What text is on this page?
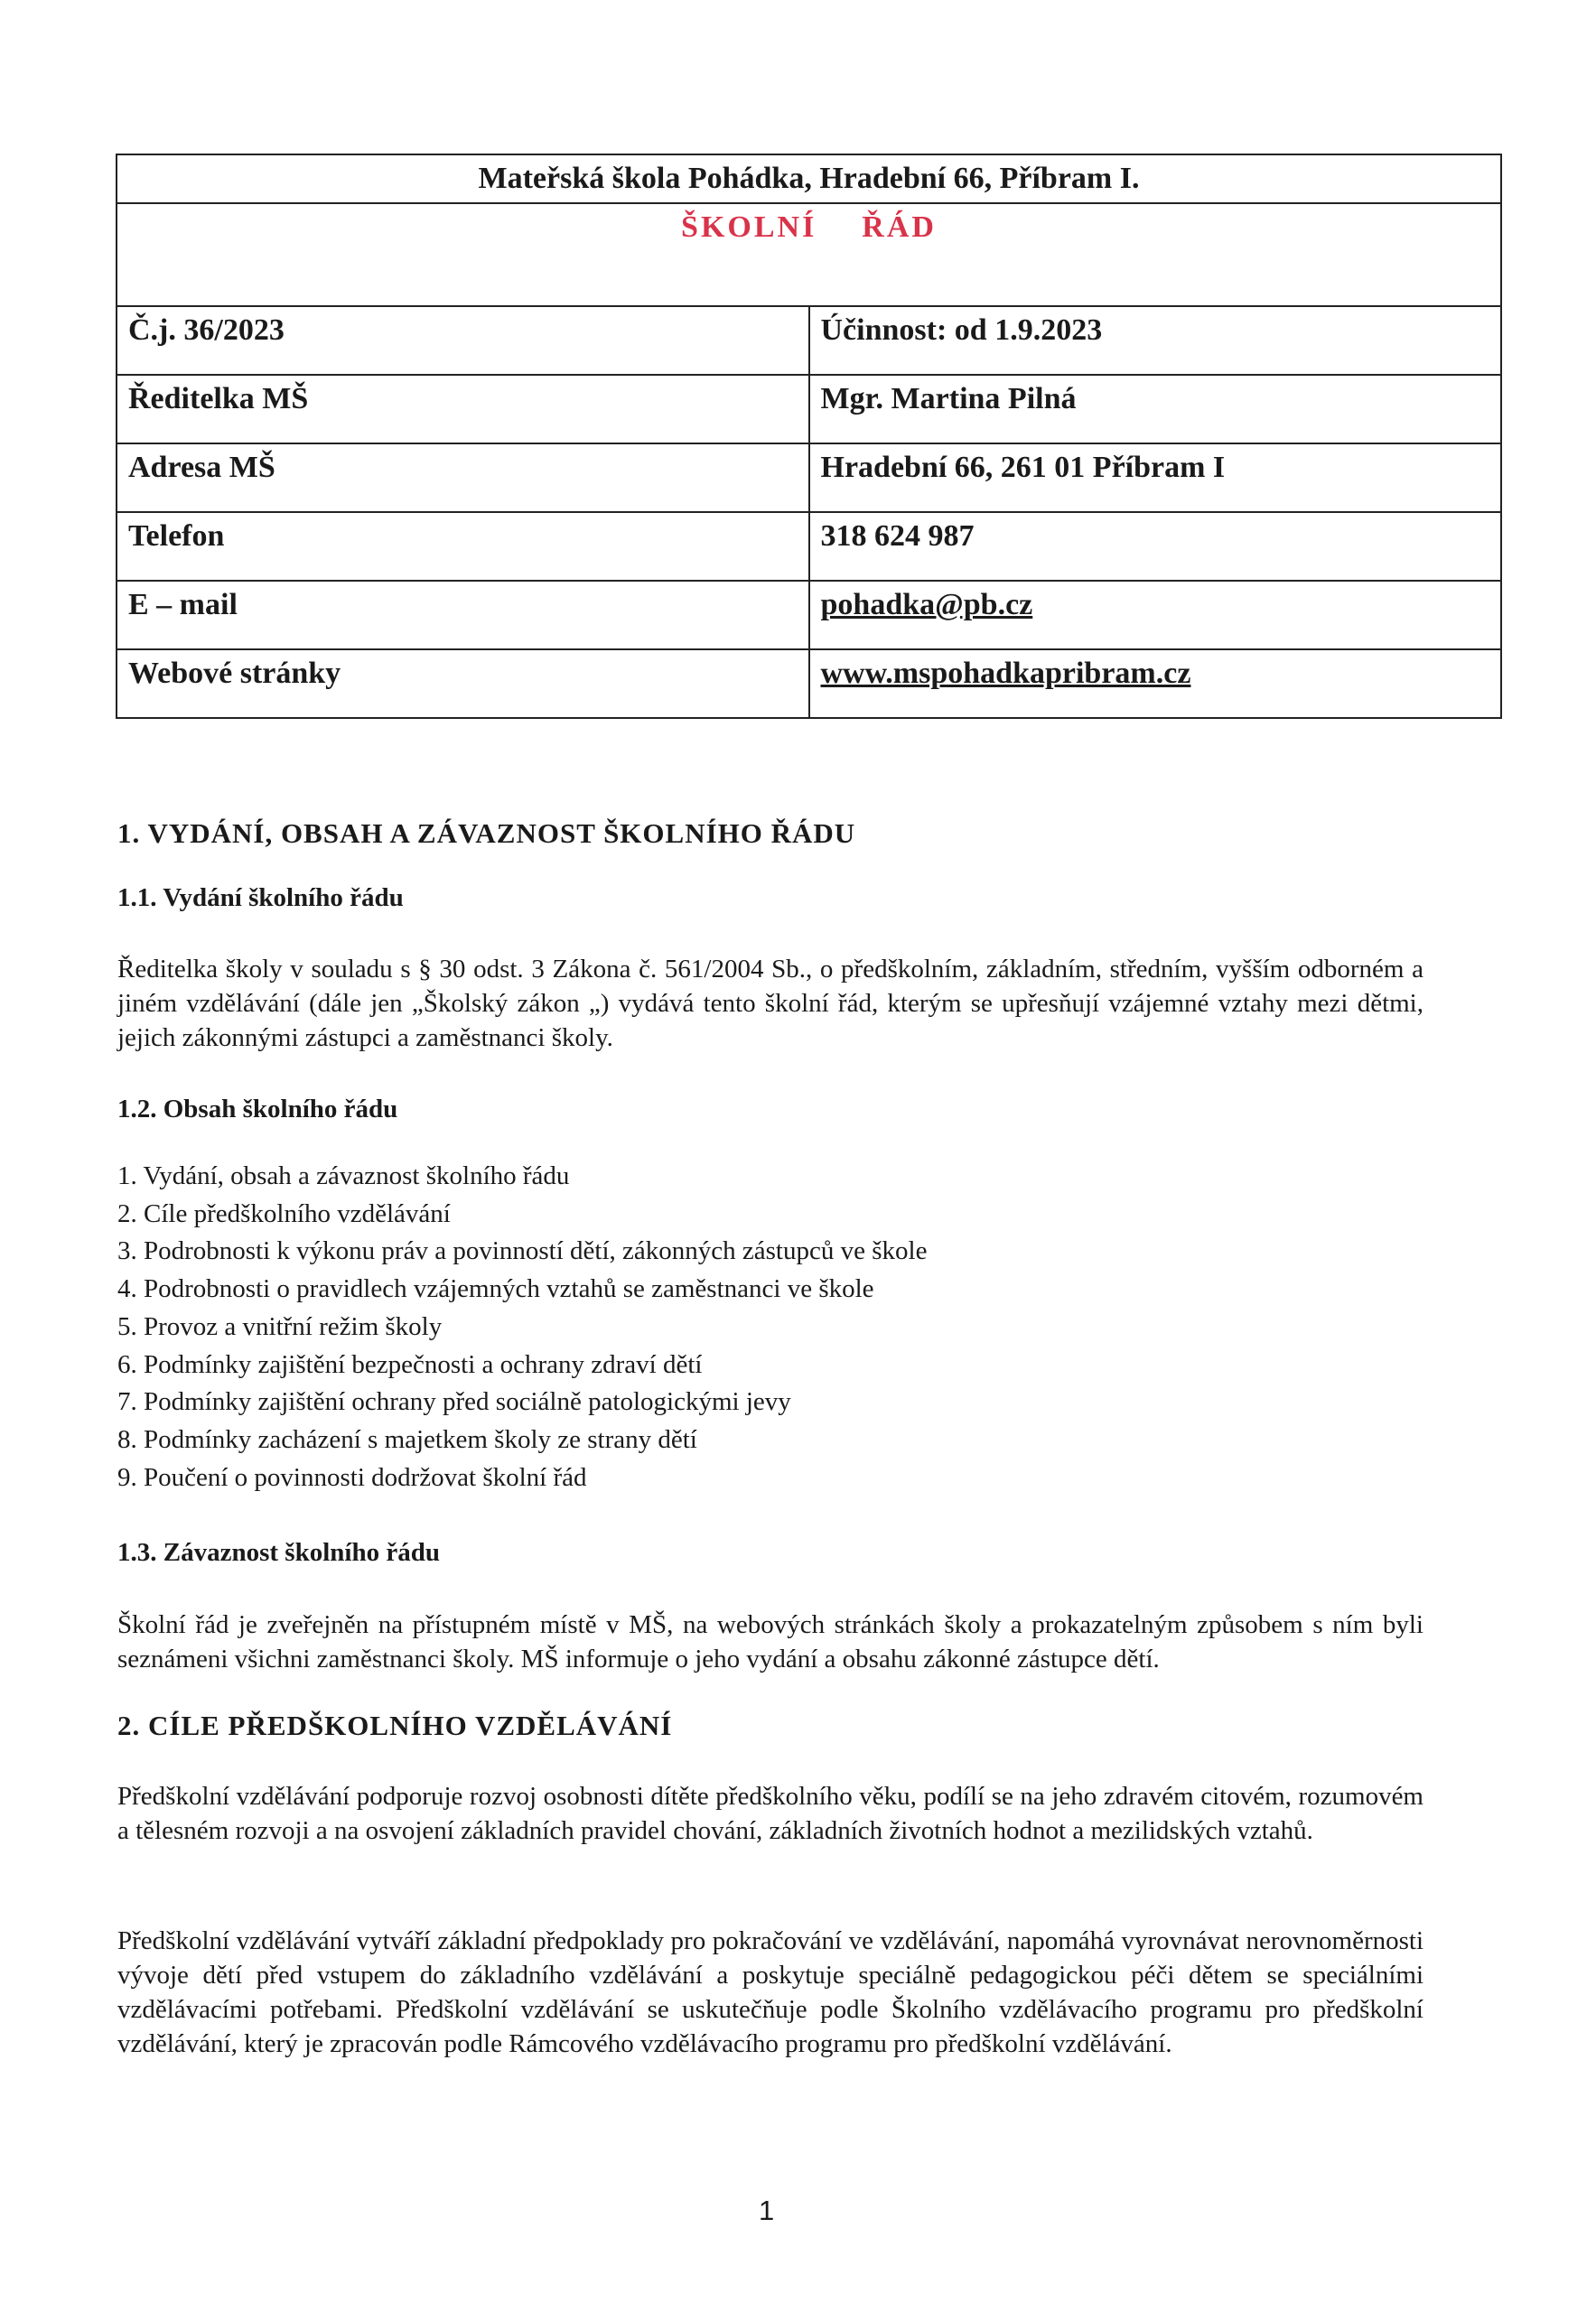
Mateřská škola Pohádka, Hradební 66, Příbram I.	
ŠKOLNÍ ŘÁD	
Č.j. 36/2023	Účinnost: od 1.9.2023
Ředitelka MŠ	Mgr. Martina Pilná
Adresa MŠ	Hradební 66, 261 01 Příbram I
Telefon	318 624 987
E – mail	pohadka@pb.cz
Webové stránky	www.mspohadkapribram.cz
1. VYDÁNÍ, OBSAH A ZÁVAZNOST ŠKOLNÍHO ŘÁDU
1.1. Vydání školního řádu

Ředitelka školy v souladu s § 30 odst. 3 Zákona č. 561/2004 Sb., o předškolním, základním, středním, vyšším odborném a jiném vzdělávání (dále jen „Školský zákon „) vydává tento školní řád, kterým se upřesňují vzájemné vztahy mezi dětmi, jejich zákonnými zástupci a zaměstnanci školy.

1.2. Obsah školního řádu
1. Vydání, obsah a závaznost školního řádu
2. Cíle předškolního vzdělávání
3. Podrobnosti k výkonu práv a povinností dětí, zákonných zástupců ve škole
4. Podrobnosti o pravidlech vzájemných vztahů se zaměstnanci ve škole
5. Provoz a vnitřní režim školy
6. Podmínky zajištění bezpečnosti a ochrany zdraví dětí
7. Podmínky zajištění ochrany před sociálně patologickými jevy
8. Podmínky zacházení s majetkem školy ze strany dětí
9. Poučení o povinnosti dodržovat školní řád
1.3. Závaznost školního řádu

Školní řád je zveřejněn na přístupném místě v MŠ, na webových stránkách školy a prokazatelným způsobem s ním byli seznámeni všichni zaměstnanci školy. MŠ informuje o jeho vydání a obsahu zákonné zástupce dětí.

2. CÍLE PŘEDŠKOLNÍHO VZDĚLÁVÁNÍ

Předškolní vzdělávání podporuje rozvoj osobnosti dítěte předškolního věku, podílí se na jeho zdravém citovém, rozumovém a tělesném rozvoji a na osvojení základních pravidel chování, základních životních hodnot a mezilidských vztahů.

Předškolní vzdělávání vytváří základní předpoklady pro pokračování ve vzdělávání, napomáhá vyrovnávat nerovnoměrnosti vývoje dětí před vstupem do základního vzdělávání a poskytuje speciálně pedagogickou péči dětem se speciálními vzdělávacími potřebami. Předškolní vzdělávání se uskutečňuje podle Školního vzdělávacího programu pro předškolní vzdělávání, který je zpracován podle Rámcového vzdělávacího programu pro předškolní vzdělávání.

1
